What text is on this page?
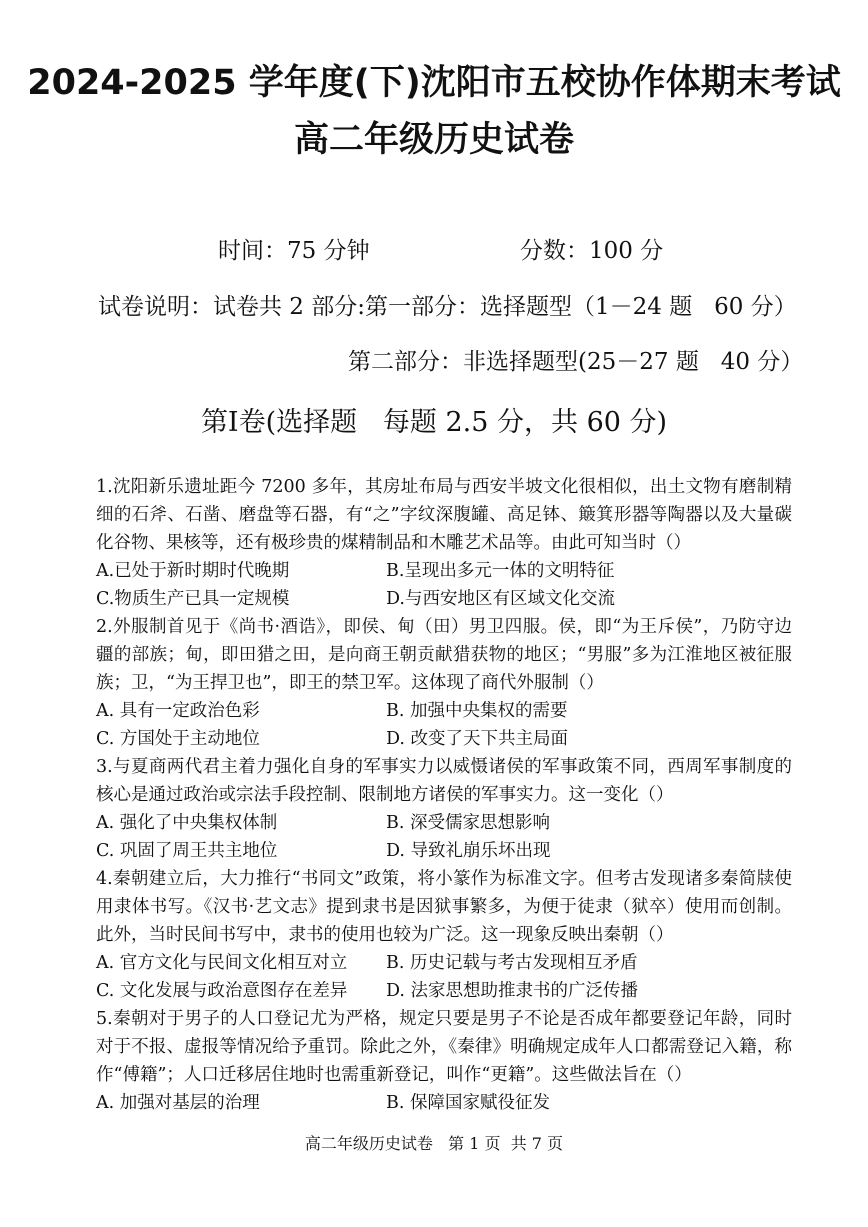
2024-2025 学年度(下)沈阳市五校协作体期末考试
高二年级历史试卷
时间：75 分钟	分数：100 分
试卷说明：试卷共 2 部分:第一部分：选择题型（1－24 题   60 分）
第二部分：非选择题型(25－27 题   40 分）
第Ⅰ卷(选择题   每题 2.5 分，共 60 分)
1.沈阳新乐遗址距今 7200 多年，其房址布局与西安半坡文化很相似，出土文物有磨制精细的石斧、石凿、磨盘等石器，有“之”字纹深腹罐、高足钵、簸箕形器等陶器以及大量碳化谷物、果核等，还有极珍贵的煤精制品和木雕艺术品等。由此可知当时（）
A.已处于新时期时代晚期	B.呈现出多元一体的文明特征
C.物质生产已具一定规模	D.与西安地区有区域文化交流
2.外服制首见于《尚书·酒诰》，即侯、甸（田）男卫四服。侯，即“为王斥侯”，乃防守边疆的部族；甸，即田猎之田，是向商王朝贡献猎获物的地区；“男服”多为江淮地区被征服族；卫，“为王捍卫也”，即王的禁卫军。这体现了商代外服制（）
A. 具有一定政治色彩	B. 加强中央集权的需要
C. 方国处于主动地位	D. 改变了天下共主局面
3.与夏商两代君主着力强化自身的军事实力以威慑诸侯的军事政策不同，西周军事制度的核心是通过政治或宗法手段控制、限制地方诸侯的军事实力。这一变化（）
A. 强化了中央集权体制	B. 深受儒家思想影响
C. 巩固了周王共主地位	D. 导致礼崩乐坏出现
4.秦朝建立后，大力推行“书同文”政策，将小篆作为标准文字。但考古发现诸多秦简牍使用隶体书写。《汉书·艺文志》提到隶书是因狱事繁多，为便于徒隶（狱卒）使用而创制。此外，当时民间书写中，隶书的使用也较为广泛。这一现象反映出秦朝（）
A. 官方文化与民间文化相互对立	B. 历史记载与考古发现相互矛盾
C. 文化发展与政治意图存在差异	D. 法家思想助推隶书的广泛传播
5.秦朝对于男子的人口登记尤为严格，规定只要是男子不论是否成年都要登记年龄，同时对于不报、虚报等情况给予重罚。除此之外，《秦律》明确规定成年人口都需登记入籍，称作“傅籍”；人口迁移居住地时也需重新登记，叫作“更籍”。这些做法旨在（）
A. 加强对基层的治理	B. 保障国家赋役征发
高二年级历史试卷   第 1 页  共 7 页
